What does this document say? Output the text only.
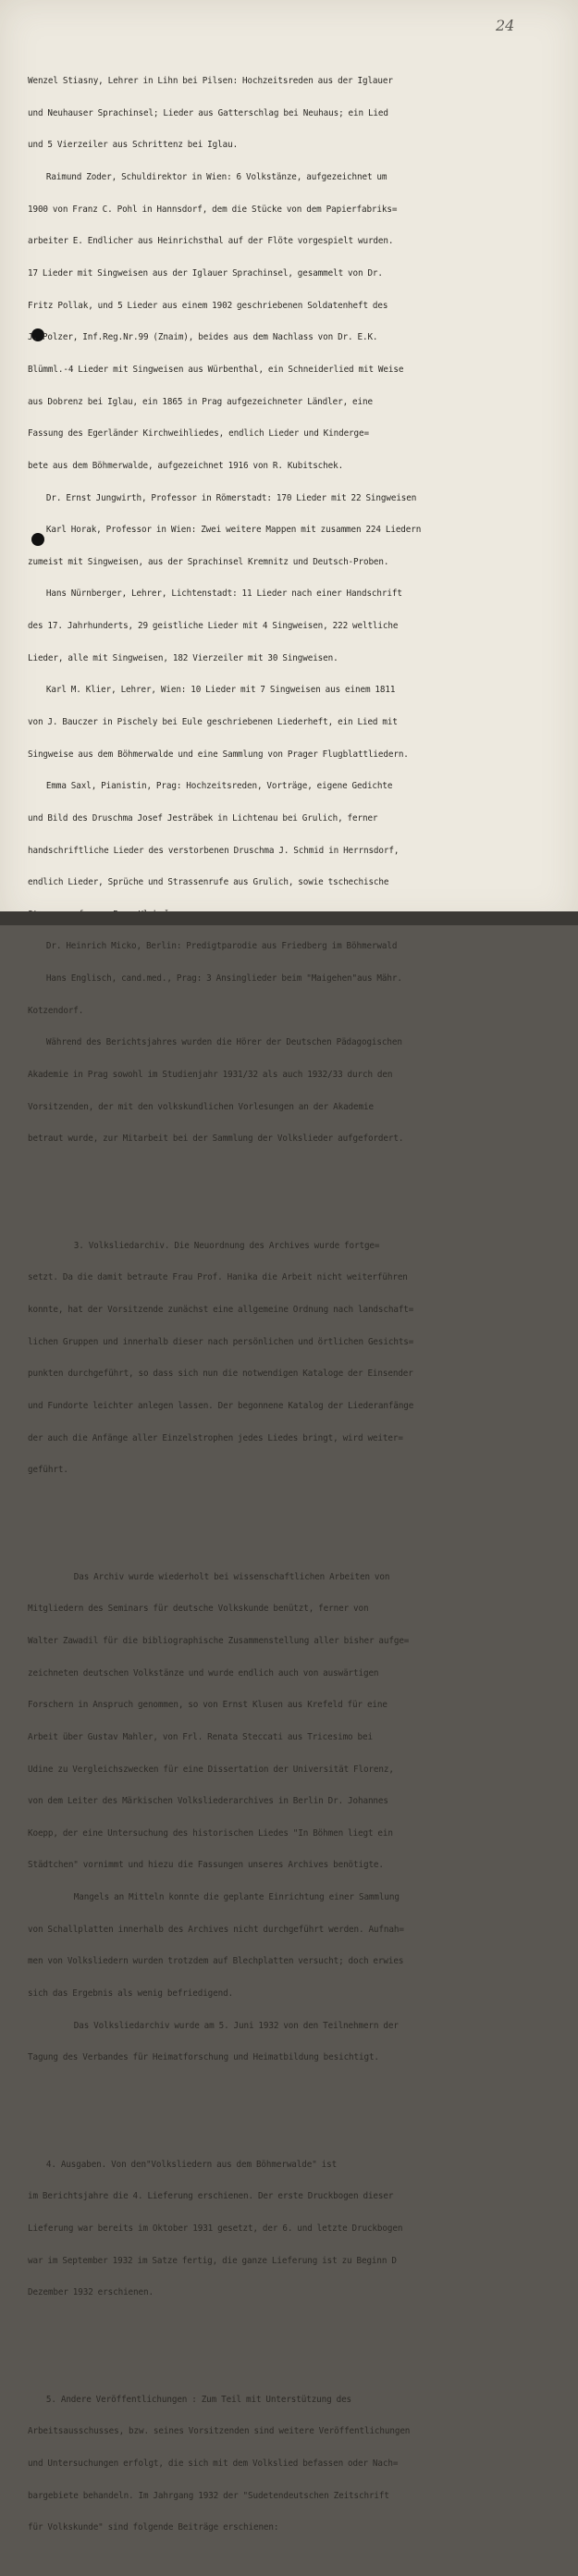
24

Wenzel Stiasny, Lehrer in Lihn bei Pilsen: Hochzeitsreden aus der Iglauer

und Neuhauser Sprachinsel; Lieder aus Gatterschlag bei Neuhaus; ein Lied

und 5 Vierzeiler aus Schrittenz bei Iglau.

Raimund Zoder, Schuldirektor in Wien: 6 Volkstänze, aufgezeichnet um

1900 von Franz C. Pohl in Hannsdorf, dem die Stücke von dem Papierfabriks=

arbeiter E. Endlicher aus Heinrichsthal auf der Flöte vorgespielt wurden.

17 Lieder mit Singweisen aus der Iglauer Sprachinsel, gesammelt von Dr.

Fritz Pollak, und 5 Lieder aus einem 1902 geschriebenen Soldatenheft des

J. Polzer, Inf.Reg.Nr.99 (Znaim), beides aus dem Nachlass von Dr. E.K.

Blümml.-4 Lieder mit Singweisen aus Würbenthal, ein Schneiderlied mit Weise

aus Dobrenz bei Iglau, ein 1865 in Prag aufgezeichneter Ländler, eine

Fassung des Egerländer Kirchweihliedes, endlich Lieder und Kinderge=

bete aus dem Böhmerwalde, aufgezeichnet 1916 von R. Kubitschek.

Dr. Ernst Jungwirth, Professor in Römerstadt: 170 Lieder mit 22 Singweisen

Karl Horak, Professor in Wien: Zwei weitere Mappen mit zusammen 224 Liedern

zumeist mit Singweisen, aus der Sprachinsel Kremnitz und Deutsch-Proben.

Hans Nürnberger, Lehrer, Lichtenstadt: 11 Lieder nach einer Handschrift

des 17. Jahrhunderts, 29 geistliche Lieder mit 4 Singweisen, 222 weltliche

Lieder, alle mit Singweisen, 182 Vierzeiler mit 30 Singweisen.

Karl M. Klier, Lehrer, Wien: 10 Lieder mit 7 Singweisen aus einem 1811

von J. Bauczer in Pischely bei Eule geschriebenen Liederheft, ein Lied mit

Singweise aus dem Böhmerwalde und eine Sammlung von Prager Flugblattliedern.

Emma Saxl, Pianistin, Prag: Hochzeitsreden, Vorträge, eigene Gedichte

und Bild des Druschma Josef Jesträbek in Lichtenau bei Grulich, ferner

handschriftliche Lieder des verstorbenen Druschma J. Schmid in Herrnsdorf,

endlich Lieder, Sprüche und Strassenrufe aus Grulich, sowie tschechische

Dr. Heinrich Micko, Berlin: Predigtparodie aus Friedberg im Böhmerwald

Hans Englisch, cand.med., Prag: 3 Ansinglieder beim "Maigehen"aus Mähr.

Kotzendorf.

Während des Berichtsjahres wurden die Hörer der Deutschen Pädagogischen

Akademie in Prag sowohl im Studienjahr 1931/32 als auch 1932/33 durch den

Vorsitzenden, der mit den volkskundlichen Vorlesungen an der Akademie

betraut wurde, zur Mitarbeit bei der Sammlung der Volkslieder aufgefordert.

3. Volksliedarchiv. Die Neuordnung des Archives wurde fortge=

setzt. Da die damit betraute Frau Prof. Hanika die Arbeit nicht weiterführen

konnte, hat der Vorsitzende zunächst eine allgemeine Ordnung nach landschaft=

lichen Gruppen und innerhalb dieser nach persönlichen und örtlichen Gesichts=

punkten durchgeführt, so dass sich nun die notwendigen Kataloge der Einsender

und Fundorte leichter anlegen lassen. Der begonnene Katalog der Liederanfänge

der auch die Anfänge aller Einzelstrophen jedes Liedes bringt, wird weiter=

geführt.

Das Archiv wurde wiederholt bei wissenschaftlichen Arbeiten von

Mitgliedern des Seminars für deutsche Volkskunde benützt, ferner von

Walter Zawadil für die bibliographische Zusammenstellung aller bisher aufge=

zeichneten deutschen Volkstänze und wurde endlich auch von auswärtigen

Forschern in Anspruch genommen, so von Ernst Klusen aus Krefeld für eine

Arbeit über Gustav Mahler, von Frl. Renata Steccati aus Tricesimo bei

Udine zu Vergleichszwecken für eine Dissertation der Universität Florenz,

von dem Leiter des Märkischen Volksliederarchives in Berlin Dr. Johannes

Koepp, der eine Untersuchung des historischen Liedes "In Böhmen liegt ein

Städtchen" vornimmt und hiezu die Fassungen unseres Archives benötigte.

Mangels an Mitteln konnte die geplante Einrichtung einer Sammlung

von Schallplatten innerhalb des Archives nicht durchgeführt werden. Aufnah=

men von Volksliedern wurden trotzdem auf Blechplatten versucht; doch erwies

sich das Ergebnis als wenig befriedigend.

Das Volksliedarchiv wurde am 5. Juni 1932 von den Teilnehmern der

Tagung des Verbandes für Heimatforschung und Heimatbildung besichtigt.

4. Ausgaben. Von den"Volksliedern aus dem Böhmerwalde" ist

im Berichtsjahre die 4. Lieferung erschienen. Der erste Druckbogen dieser

Lieferung war bereits im Oktober 1931 gesetzt, der 6. und letzte Druckbogen

war im September 1932 im Satze fertig, die ganze Lieferung ist zu Beginn D

Dezember 1932 erschienen.

5. Andere Veröffentlichungen : Zum Teil mit Unterstützung des

Arbeitsausschusses, bzw. seines Vorsitzenden sind weitere Veröffentlichungen

und Untersuchungen erfolgt, die sich mit dem Volkslied befassen oder Nach=

bargebiete behandeln. Im Jahrgang 1932 der "Sudetendeutschen Zeitschrift

für Volkskunde" sind folgende Beiträge erschienen:
